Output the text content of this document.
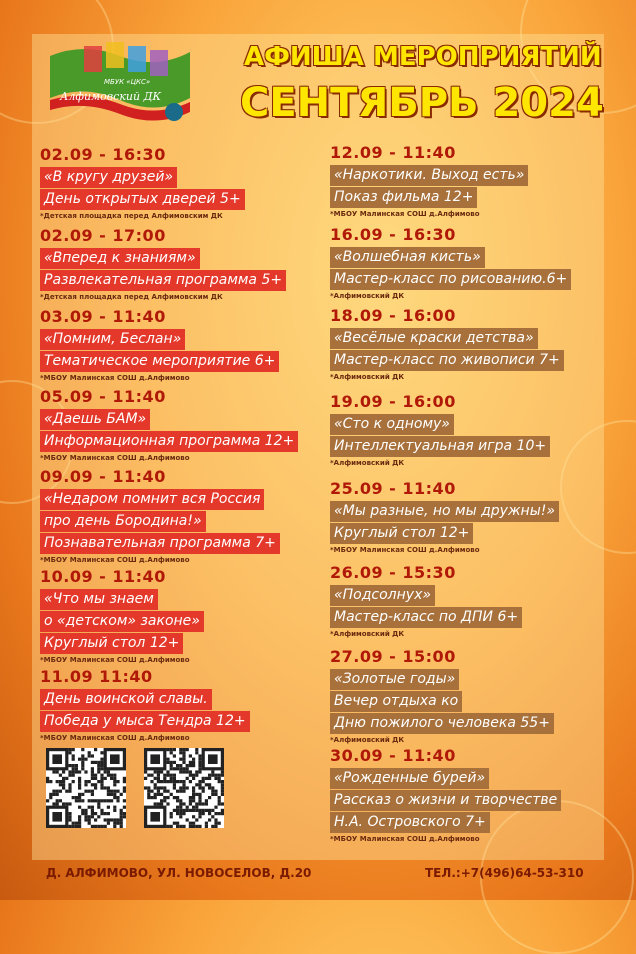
МБУК «ЦКС»
Алфимовский ДК
АФИША МЕРОПРИЯТИЙ
СЕНТЯБРЬ 2024
02.09 - 16:30
«В кругу друзей»
День открытых дверей 5+
*Детская площадка перед Алфимовским ДК
02.09 - 17:00
«Вперед к знаниям»
Развлекательная программа 5+
*Детская площадка перед Алфимовским ДК
03.09 - 11:40
«Помним, Беслан»
Тематическое мероприятие 6+
*МБОУ Малинская СОШ д.Алфимово
05.09 - 11:40
«Даешь БАМ»
Информационная программа 12+
*МБОУ Малинская СОШ д.Алфимово
09.09 - 11:40
«Недаром помнит вся Россия
про день Бородина!»
Познавательная программа 7+
*МБОУ Малинская СОШ д.Алфимово
10.09 - 11:40
«Что мы знаем
о «детском» законе»
Круглый стол 12+
*МБОУ Малинская СОШ д.Алфимово
11.09 11:40
День воинской славы.
Победа у мыса Тендра 12+
*МБОУ Малинская СОШ д.Алфимово
12.09 - 11:40
«Наркотики. Выход есть»
Показ фильма 12+
*МБОУ Малинская СОШ д.Алфимово
16.09 - 16:30
«Волшебная кисть»
Мастер-класс по рисованию.6+
*Алфимовский ДК
18.09 - 16:00
«Весёлые краски детства»
Мастер-класс по живописи 7+
*Алфимовский ДК
19.09 - 16:00
«Сто к одному»
Интеллектуальная игра 10+
*Алфимовский ДК
25.09 - 11:40
«Мы разные, но мы дружны!»
Круглый стол 12+
*МБОУ Малинская СОШ д.Алфимово
26.09 - 15:30
«Подсолнух»
Мастер-класс по ДПИ 6+
*Алфимовский ДК
27.09 - 15:00
«Золотые годы»
Вечер отдыха ко
Дню пожилого человека 55+
*Алфимовский ДК
30.09 - 11:40
«Рожденные бурей»
Рассказ о жизни и творчестве
Н.А. Островского 7+
*МБОУ Малинская СОШ д.Алфимово
Д. АЛФИМОВО, УЛ. НОВОСЕЛОВ, Д.20	ТЕЛ.:+7(496)64-53-310
